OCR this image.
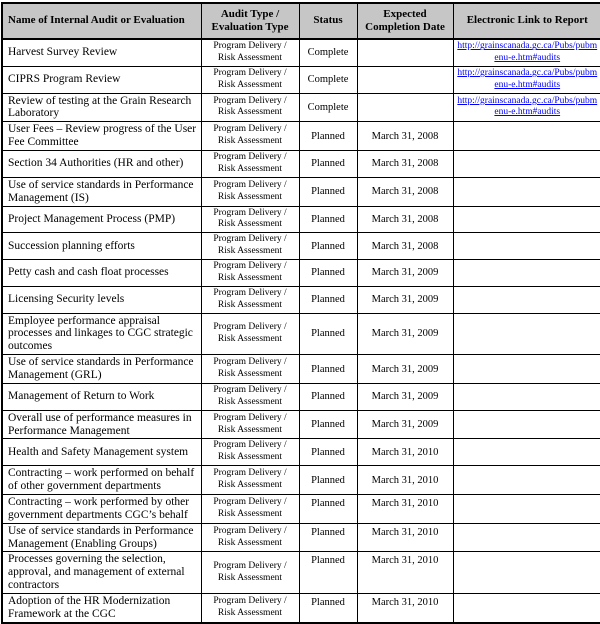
Name of Internal Audit or Evaluation	Audit Type / Evaluation Type	Status	Expected Completion Date	Electronic Link to Report
Harvest Survey Review	Program Delivery / Risk Assessment	Complete		http://grainscanada.gc.ca/Pubs/pubmenu-e.htm#audits
CIPRS Program Review	Program Delivery / Risk Assessment	Complete		http://grainscanada.gc.ca/Pubs/pubmenu-e.htm#audits
Review of testing at the Grain Research Laboratory	Program Delivery / Risk Assessment	Complete		http://grainscanada.gc.ca/Pubs/pubmenu-e.htm#audits
User Fees – Review progress of the User Fee Committee	Program Delivery / Risk Assessment	Planned	March 31, 2008	
Section 34 Authorities (HR and other)	Program Delivery / Risk Assessment	Planned	March 31, 2008	
Use of service standards in Performance Management (IS)	Program Delivery / Risk Assessment	Planned	March 31, 2008	
Project Management Process (PMP)	Program Delivery / Risk Assessment	Planned	March 31, 2008	
Succession planning efforts	Program Delivery / Risk Assessment	Planned	March 31, 2008	
Petty cash and cash float processes	Program Delivery / Risk Assessment	Planned	March 31, 2009	
Licensing Security levels	Program Delivery / Risk Assessment	Planned	March 31, 2009	
Employee performance appraisal processes and linkages to CGC strategic outcomes	Program Delivery / Risk Assessment	Planned	March 31, 2009	
Use of service standards in Performance Management (GRL)	Program Delivery / Risk Assessment	Planned	March 31, 2009	
Management of Return to Work	Program Delivery / Risk Assessment	Planned	March 31, 2009	
Overall use of performance measures in Performance Management	Program Delivery / Risk Assessment	Planned	March 31, 2009	
Health and Safety Management system	Program Delivery / Risk Assessment	Planned	March 31, 2010	
Contracting – work performed on behalf of other government departments	Program Delivery / Risk Assessment	Planned	March 31, 2010	
Contracting – work performed by other government departments CGC’s behalf	Program Delivery / Risk Assessment	Planned	March 31, 2010	
Use of service standards in Performance Management (Enabling Groups)	Program Delivery / Risk Assessment	Planned	March 31, 2010	
Processes governing the selection, approval, and management of external contractors	Program Delivery / Risk Assessment	Planned	March 31, 2010	
Adoption of the HR Modernization Framework at the CGC	Program Delivery / Risk Assessment	Planned	March 31, 2010	
